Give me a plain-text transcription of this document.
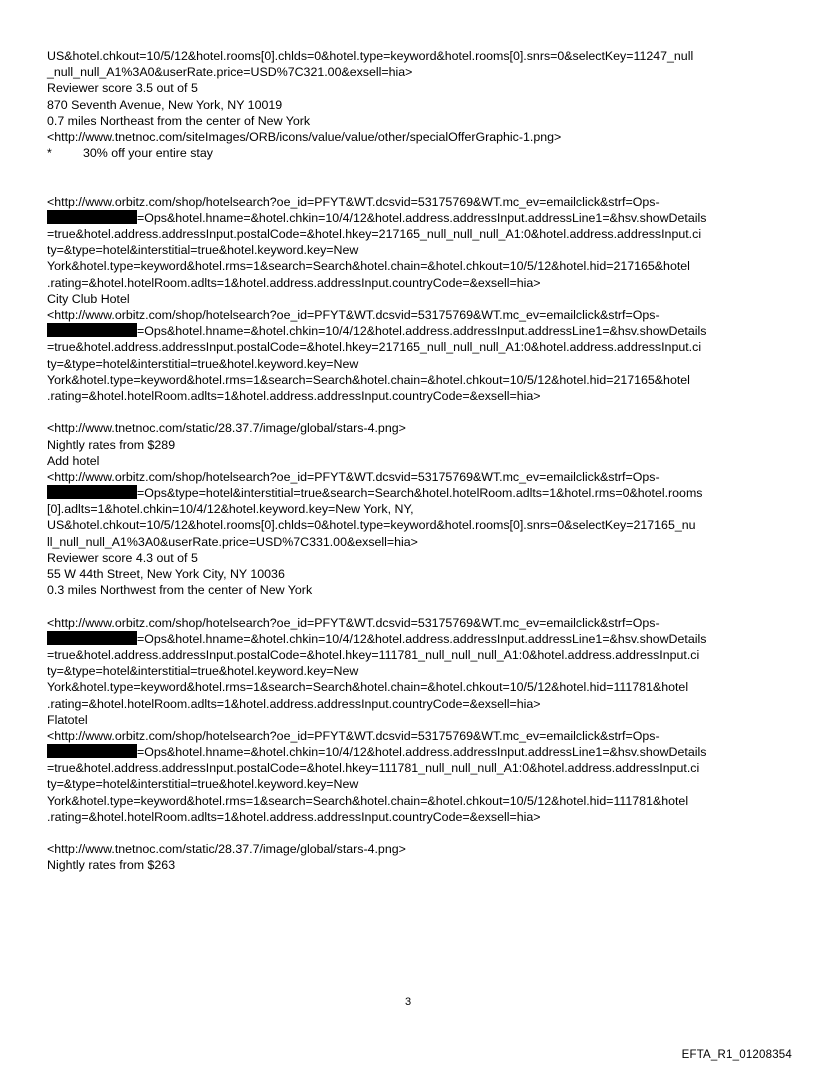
US&hotel.chkout=10/5/12&hotel.rooms[0].chlds=0&hotel.type=keyword&hotel.rooms[0].snrs=0&selectKey=11247_null
_null_null_A1%3A0&userRate.price=USD%7C321.00&exsell=hia>
Reviewer score 3.5 out of 5
870 Seventh Avenue, New York, NY 10019
0.7 miles Northeast from the center of New York
<http://www.tnetnoc.com/siteImages/ORB/icons/value/value/other/specialOfferGraphic-1.png>
*	30% off your entire stay
<http://www.orbitz.com/shop/hotelsearch?oe_id=PFYT&WT.dcsvid=53175769&WT.mc_ev=emailclick&strf=Ops-
=Ops&hotel.hname=&hotel.chkin=10/4/12&hotel.address.addressInput.addressLine1=&hsv.showDetails
=true&hotel.address.addressInput.postalCode=&hotel.hkey=217165_null_null_null_A1:0&hotel.address.addressInput.ci
ty=&type=hotel&interstitial=true&hotel.keyword.key=New
York&hotel.type=keyword&hotel.rms=1&search=Search&hotel.chain=&hotel.chkout=10/5/12&hotel.hid=217165&hotel
.rating=&hotel.hotelRoom.adlts=1&hotel.address.addressInput.countryCode=&exsell=hia>
City Club Hotel
<http://www.orbitz.com/shop/hotelsearch?oe_id=PFYT&WT.dcsvid=53175769&WT.mc_ev=emailclick&strf=Ops-
=Ops&hotel.hname=&hotel.chkin=10/4/12&hotel.address.addressInput.addressLine1=&hsv.showDetails
=true&hotel.address.addressInput.postalCode=&hotel.hkey=217165_null_null_null_A1:0&hotel.address.addressInput.ci
ty=&type=hotel&interstitial=true&hotel.keyword.key=New
York&hotel.type=keyword&hotel.rms=1&search=Search&hotel.chain=&hotel.chkout=10/5/12&hotel.hid=217165&hotel
.rating=&hotel.hotelRoom.adlts=1&hotel.address.addressInput.countryCode=&exsell=hia>
<http://www.tnetnoc.com/static/28.37.7/image/global/stars-4.png>
Nightly rates from $289
Add hotel
<http://www.orbitz.com/shop/hotelsearch?oe_id=PFYT&WT.dcsvid=53175769&WT.mc_ev=emailclick&strf=Ops-
=Ops&type=hotel&interstitial=true&search=Search&hotel.hotelRoom.adlts=1&hotel.rms=0&hotel.rooms
[0].adlts=1&hotel.chkin=10/4/12&hotel.keyword.key=New York, NY,
US&hotel.chkout=10/5/12&hotel.rooms[0].chlds=0&hotel.type=keyword&hotel.rooms[0].snrs=0&selectKey=217165_nu
ll_null_null_A1%3A0&userRate.price=USD%7C331.00&exsell=hia>
Reviewer score 4.3 out of 5
55 W 44th Street, New York City, NY 10036
0.3 miles Northwest from the center of New York
<http://www.orbitz.com/shop/hotelsearch?oe_id=PFYT&WT.dcsvid=53175769&WT.mc_ev=emailclick&strf=Ops-
=Ops&hotel.hname=&hotel.chkin=10/4/12&hotel.address.addressInput.addressLine1=&hsv.showDetails
=true&hotel.address.addressInput.postalCode=&hotel.hkey=111781_null_null_null_A1:0&hotel.address.addressInput.ci
ty=&type=hotel&interstitial=true&hotel.keyword.key=New
York&hotel.type=keyword&hotel.rms=1&search=Search&hotel.chain=&hotel.chkout=10/5/12&hotel.hid=111781&hotel
.rating=&hotel.hotelRoom.adlts=1&hotel.address.addressInput.countryCode=&exsell=hia>
Flatotel
<http://www.orbitz.com/shop/hotelsearch?oe_id=PFYT&WT.dcsvid=53175769&WT.mc_ev=emailclick&strf=Ops-
=Ops&hotel.hname=&hotel.chkin=10/4/12&hotel.address.addressInput.addressLine1=&hsv.showDetails
=true&hotel.address.addressInput.postalCode=&hotel.hkey=111781_null_null_null_A1:0&hotel.address.addressInput.ci
ty=&type=hotel&interstitial=true&hotel.keyword.key=New
York&hotel.type=keyword&hotel.rms=1&search=Search&hotel.chain=&hotel.chkout=10/5/12&hotel.hid=111781&hotel
.rating=&hotel.hotelRoom.adlts=1&hotel.address.addressInput.countryCode=&exsell=hia>
<http://www.tnetnoc.com/static/28.37.7/image/global/stars-4.png>
Nightly rates from $263
3
EFTA_R1_01208354
